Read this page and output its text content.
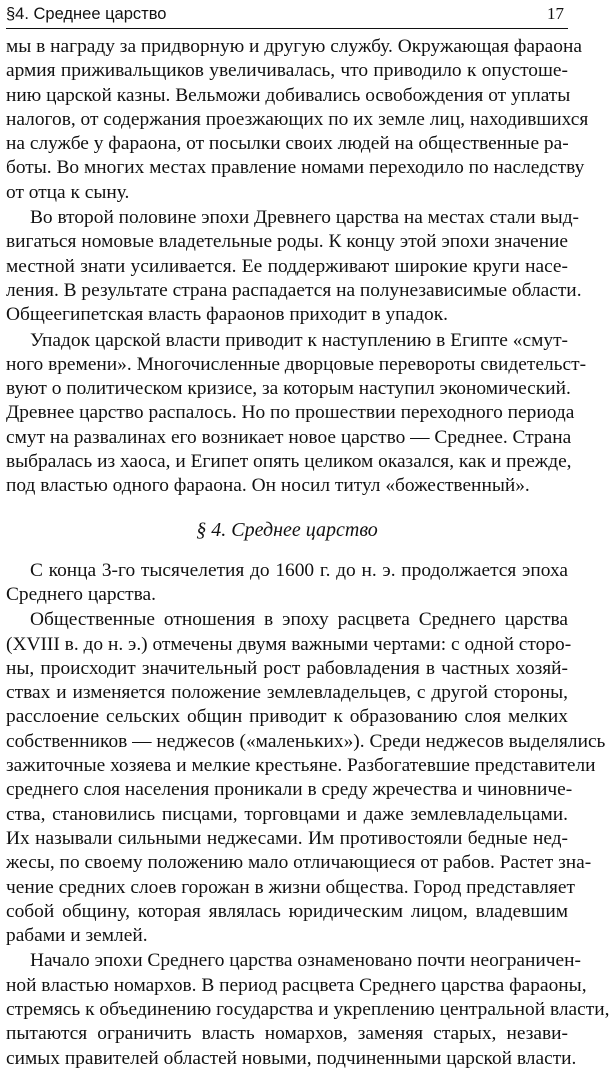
§4. Среднее царство	17
мы в награду за придворную и другую службу. Окружающая фараона
армия приживальщиков увеличивалась, что приводило к опустоше-
нию царской казны. Вельможи добивались освобождения от уплаты
налогов, от содержания проезжающих по их земле лиц, находившихся
на службе у фараона, от посылки своих людей на общественные ра-
боты. Во многих местах правление номами переходило по наследству
от отца к сыну.
Во второй половине эпохи Древнего царства на местах стали выд-
вигаться номовые владетельные роды. К концу этой эпохи значение
местной знати усиливается. Ее поддерживают широкие круги насе-
ления. В результате страна распадается на полунезависимые области.
Общеегипетская власть фараонов приходит в упадок.
Упадок царской власти приводит к наступлению в Египте «смут-
ного времени». Многочисленные дворцовые перевороты свидетельст-
вуют о политическом кризисе, за которым наступил экономический.
Древнее царство распалось. Но по прошествии переходного периода
смут на развалинах его возникает новое царство — Среднее. Страна
выбралась из хаоса, и Египет опять целиком оказался, как и прежде,
под властью одного фараона. Он носил титул «божественный».
§ 4. Среднее царство
С конца 3-го тысячелетия до 1600 г. до н. э. продолжается эпоха
Среднего царства.
Общественные отношения в эпоху расцвета Среднего царства
(XVIII в. до н. э.) отмечены двумя важными чертами: с одной сторо-
ны, происходит значительный рост рабовладения в частных хозяй-
ствах и изменяется положение землевладельцев, с другой стороны,
расслоение сельских общин приводит к образованию слоя мелких
собственников — неджесов («маленьких»). Среди неджесов выделялись
зажиточные хозяева и мелкие крестьяне. Разбогатевшие представители
среднего слоя населения проникали в среду жречества и чиновниче-
ства, становились писцами, торговцами и даже землевладельцами.
Их называли сильными неджесами. Им противостояли бедные нед-
жесы, по своему положению мало отличающиеся от рабов. Растет зна-
чение средних слоев горожан в жизни общества. Город представляет
собой общину, которая являлась юридическим лицом, владевшим
рабами и землей.
Начало эпохи Среднего царства ознаменовано почти неограничен-
ной властью номархов. В период расцвета Среднего царства фараоны,
стремясь к объединению государства и укреплению центральной власти,
пытаются ограничить власть номархов, заменяя старых, незави-
симых правителей областей новыми, подчиненными царской власти.
